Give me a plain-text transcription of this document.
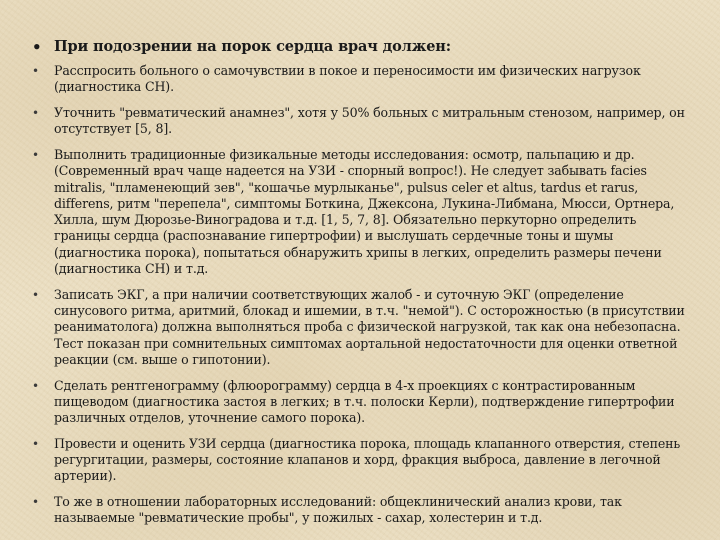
• При подозрении на порок сердца врач должен:
• Расспросить больного о самочувствии в покое и переносимости им физических нагрузок (диагностика СН).
• Уточнить "ревматический анамнез", хотя у 50% больных с митральным стенозом, например, он отсутствует [5, 8].
• Выполнить традиционные физикальные методы исследования: осмотр, пальпацию и др. (Современный врач чаще надеется на УЗИ - спорный вопрос!). Не следует забывать facies mitralis, "пламенеющий зев", "кошачье мурлыканье", pulsus celer et altus, tardus et rarus, differens, ритм "перепела", симптомы Боткина, Джексона, Лукина-Либмана, Мюсси, Ортнера, Хилла, шум Дюрозье-Виноградова и т.д. [1, 5, 7, 8]. Обязательно перкуторно определить границы сердца (распознавание гипертрофии) и выслушать сердечные тоны и шумы (диагностика порока), попытаться обнаружить хрипы в легких, определить размеры печени (диагностика СН) и т.д.
• Записать ЭКГ, а при наличии соответствующих жалоб - и суточную ЭКГ (определение синусового ритма, аритмий, блокад и ишемии, в т.ч. "немой"). С осторожностью (в присутствии реаниматолога) должна выполняться проба с физической нагрузкой, так как она небезопасна. Тест показан при сомнительных симптомах аортальной недостаточности для оценки ответной реакции (см. выше о гипотонии).
• Сделать рентгенограмму (флюорограмму) сердца в 4-х проекциях с контрастированным пищеводом (диагностика застоя в легких; в т.ч. полоски Керли), подтверждение гипертрофии различных отделов, уточнение самого порока).
• Провести и оценить УЗИ сердца (диагностика порока, площадь клапанного отверстия, степень регургитации, размеры, состояние клапанов и хорд, фракция выброса, давление в легочной артерии).
• То же в отношении лабораторных исследований: общеклинический анализ крови, так называемые "ревматические пробы", у пожилых - сахар, холестерин и т.д.
